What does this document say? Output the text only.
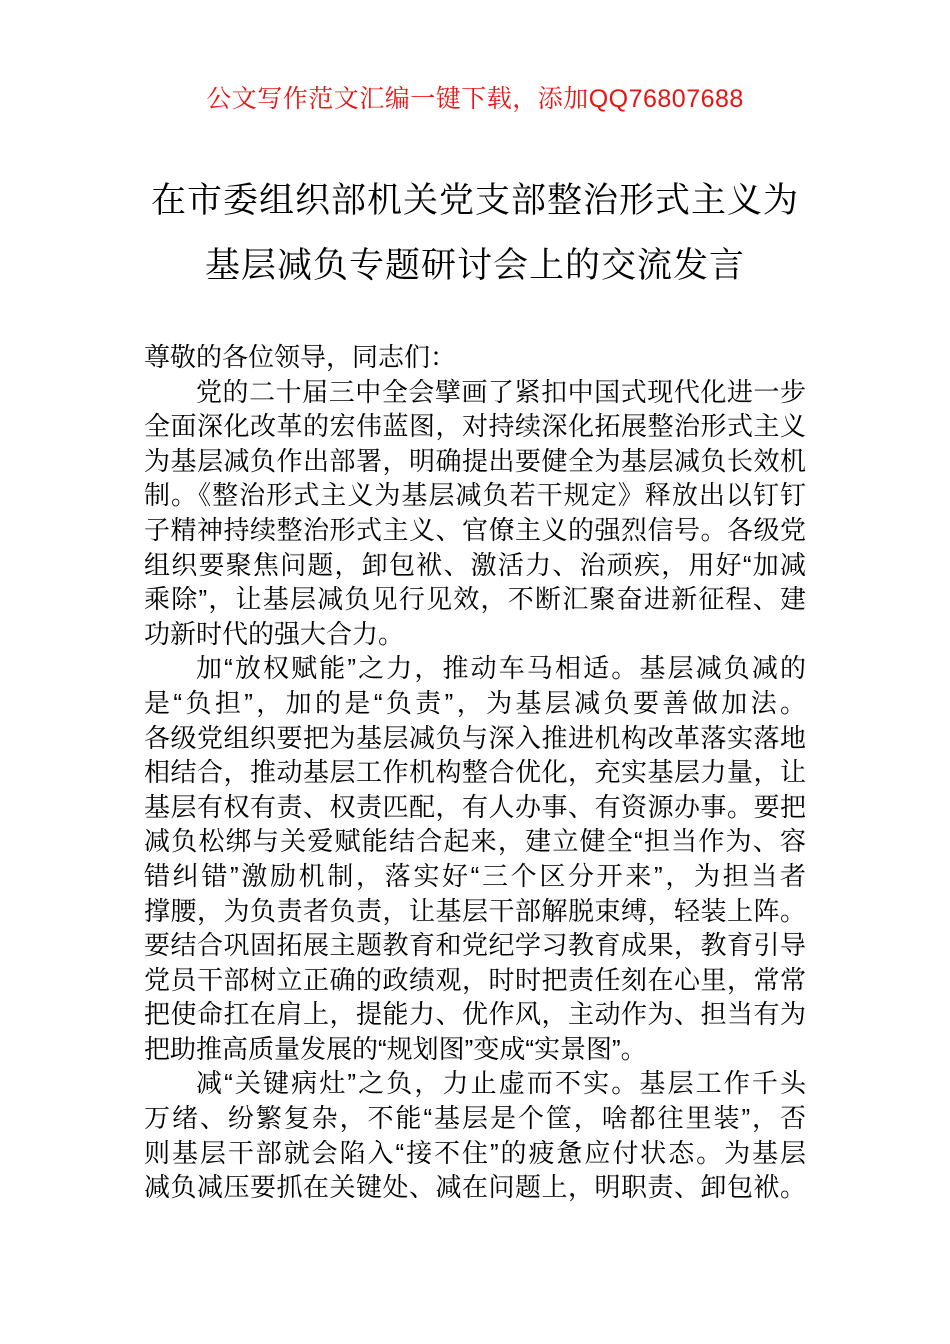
公文写作范文汇编一键下载，添加QQ76807688
在市委组织部机关党支部整治形式主义为
基层减负专题研讨会上的交流发言
尊敬的各位领导，同志们：
党的二十届三中全会擘画了紧扣中国式现代化进一步
全面深化改革的宏伟蓝图，对持续深化拓展整治形式主义
为基层减负作出部署，明确提出要健全为基层减负长效机
制。《整治形式主义为基层减负若干规定》释放出以钉钉
子精神持续整治形式主义、官僚主义的强烈信号。各级党
组织要聚焦问题，卸包袱、激活力、治顽疾，用好“加减
乘除”，让基层减负见行见效，不断汇聚奋进新征程、建
功新时代的强大合力。
加“放权赋能”之力，推动车马相适。基层减负减的
是“负担”，加的是“负责”，为基层减负要善做加法。
各级党组织要把为基层减负与深入推进机构改革落实落地
相结合，推动基层工作机构整合优化，充实基层力量，让
基层有权有责、权责匹配，有人办事、有资源办事。要把
减负松绑与关爱赋能结合起来，建立健全“担当作为、容
错纠错”激励机制，落实好“三个区分开来”，为担当者
撑腰，为负责者负责，让基层干部解脱束缚，轻装上阵。
要结合巩固拓展主题教育和党纪学习教育成果，教育引导
党员干部树立正确的政绩观，时时把责任刻在心里，常常
把使命扛在肩上，提能力、优作风，主动作为、担当有为
把助推高质量发展的“规划图”变成“实景图”。
减“关键病灶”之负，力止虚而不实。基层工作千头
万绪、纷繁复杂，不能“基层是个筐，啥都往里装”，否
则基层干部就会陷入“接不住”的疲惫应付状态。为基层
减负减压要抓在关键处、减在问题上，明职责、卸包袱。
